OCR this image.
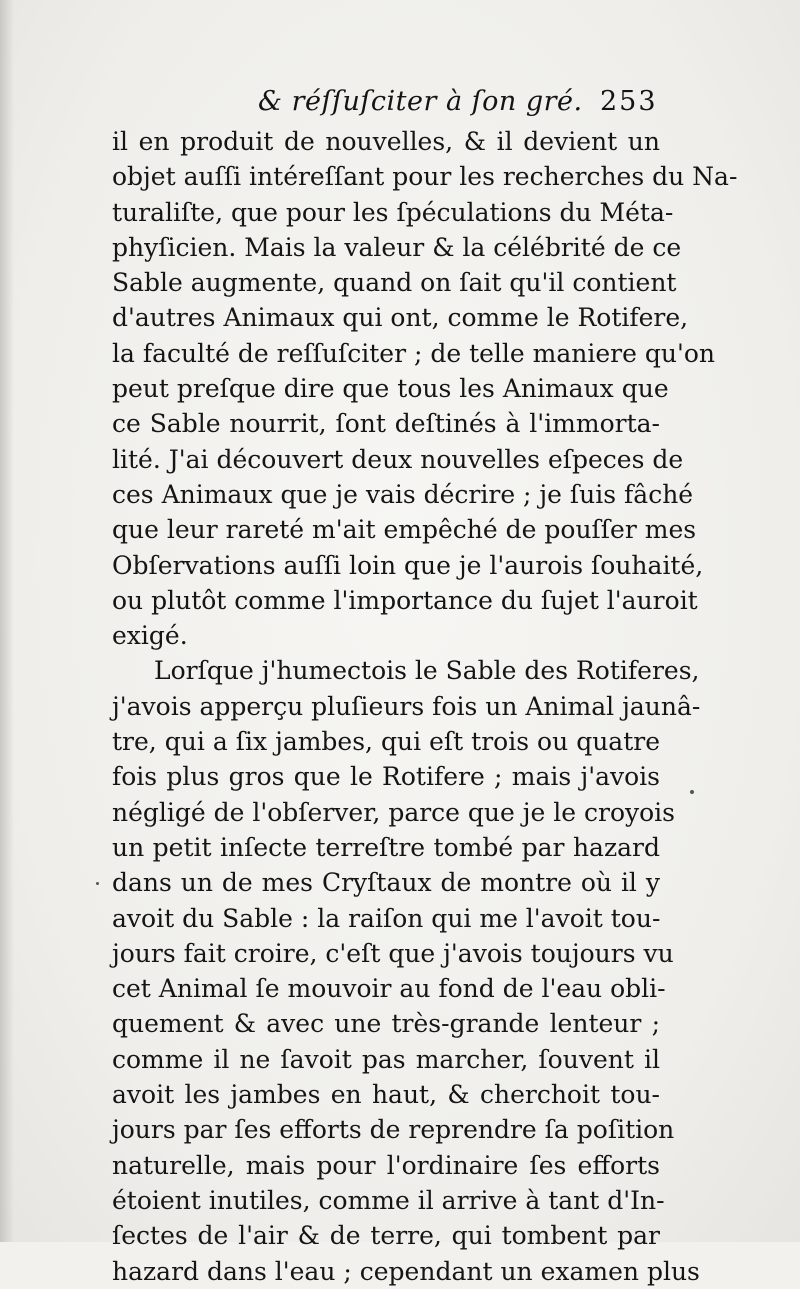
& réſſuſciter à ſon gré. 253
il en produit de nouvelles, & il devient un
objet auſſi intéreſſant pour les recherches du Na-
turaliſte, que pour les ſpéculations du Méta-
phyſicien. Mais la valeur & la célébrité de ce
Sable augmente, quand on ſait qu'il contient
d'autres Animaux qui ont, comme le Rotifere,
la faculté de reſſuſciter ; de telle maniere qu'on
peut preſque dire que tous les Animaux que
ce Sable nourrit, ſont deſtinés à l'immorta-
lité. J'ai découvert deux nouvelles eſpeces de
ces Animaux que je vais décrire ; je ſuis fâché
que leur rareté m'ait empêché de pouſſer mes
Obſervations auſſi loin que je l'aurois ſouhaité,
ou plutôt comme l'importance du ſujet l'auroit
exigé.
Lorſque j'humectois le Sable des Rotiferes,
j'avois apperçu pluſieurs fois un Animal jaunâ-
tre, qui a ſix jambes, qui eſt trois ou quatre
fois plus gros que le Rotifere ; mais j'avois
négligé de l'obſerver, parce que je le croyois
un petit inſecte terreſtre tombé par hazard
dans un de mes Cryſtaux de montre où il y
avoit du Sable : la raiſon qui me l'avoit tou-
jours fait croire, c'eſt que j'avois toujours vu
cet Animal ſe mouvoir au fond de l'eau obli-
quement & avec une très-grande lenteur ;
comme il ne ſavoit pas marcher, ſouvent il
avoit les jambes en haut, & cherchoit tou-
jours par ſes efforts de reprendre ſa poſition
naturelle, mais pour l'ordinaire ſes efforts
étoient inutiles, comme il arrive à tant d'In-
ſectes de l'air & de terre, qui tombent par
hazard dans l'eau ; cependant un examen plus
